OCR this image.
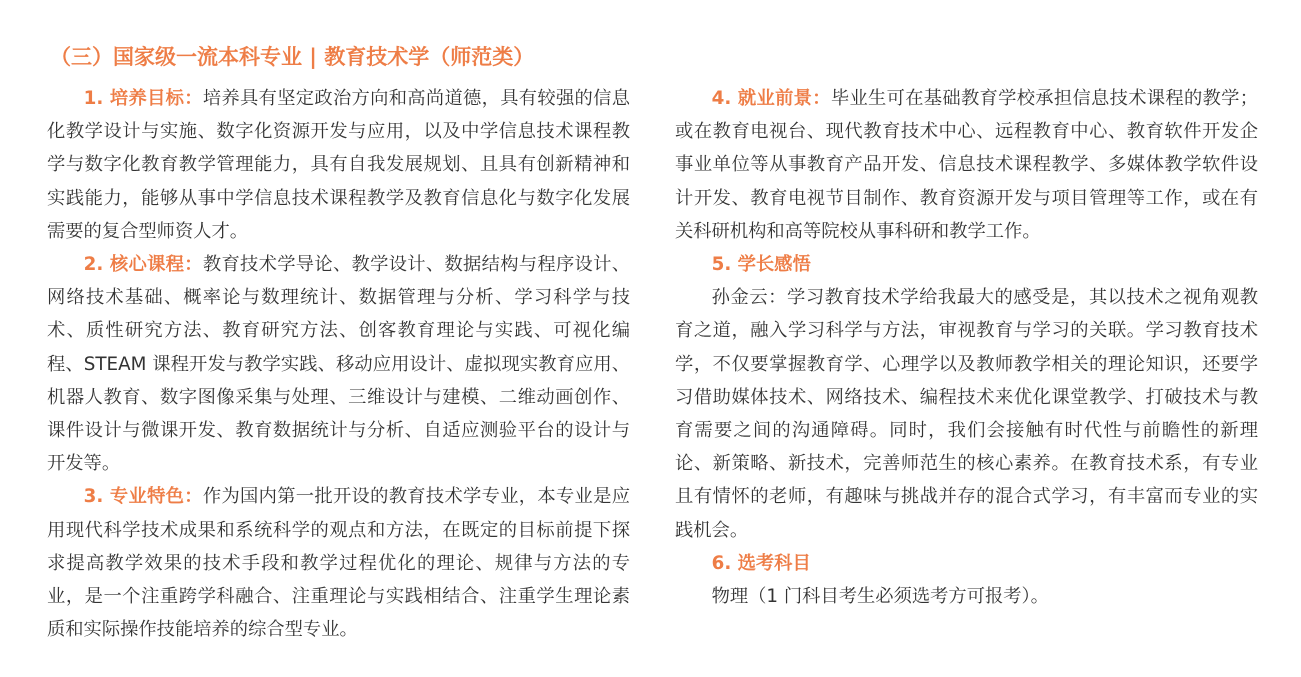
（三）国家级一流本科专业 | 教育技术学（师范类）

1. 培养目标：培养具有坚定政治方向和高尚道德，具有较强的信息化教学设计与实施、数字化资源开发与应用，以及中学信息技术课程教学与数字化教育教学管理能力，具有自我发展规划、且具有创新精神和实践能力，能够从事中学信息技术课程教学及教育信息化与数字化发展需要的复合型师资人才。

2. 核心课程：教育技术学导论、教学设计、数据结构与程序设计、网络技术基础、概率论与数理统计、数据管理与分析、学习科学与技术、质性研究方法、教育研究方法、创客教育理论与实践、可视化编程、STEAM 课程开发与教学实践、移动应用设计、虚拟现实教育应用、机器人教育、数字图像采集与处理、三维设计与建模、二维动画创作、课件设计与微课开发、教育数据统计与分析、自适应测验平台的设计与开发等。

3. 专业特色：作为国内第一批开设的教育技术学专业，本专业是应用现代科学技术成果和系统科学的观点和方法，在既定的目标前提下探求提高教学效果的技术手段和教学过程优化的理论、规律与方法的专业，是一个注重跨学科融合、注重理论与实践相结合、注重学生理论素质和实际操作技能培养的综合型专业。

4. 就业前景：毕业生可在基础教育学校承担信息技术课程的教学；或在教育电视台、现代教育技术中心、远程教育中心、教育软件开发企事业单位等从事教育产品开发、信息技术课程教学、多媒体教学软件设计开发、教育电视节目制作、教育资源开发与项目管理等工作，或在有关科研机构和高等院校从事科研和教学工作。

5. 学长感悟

孙金云：学习教育技术学给我最大的感受是，其以技术之视角观教育之道，融入学习科学与方法，审视教育与学习的关联。学习教育技术学，不仅要掌握教育学、心理学以及教师教学相关的理论知识，还要学习借助媒体技术、网络技术、编程技术来优化课堂教学、打破技术与教育需要之间的沟通障碍。同时，我们会接触有时代性与前瞻性的新理论、新策略、新技术，完善师范生的核心素养。在教育技术系，有专业且有情怀的老师，有趣味与挑战并存的混合式学习，有丰富而专业的实践机会。

6. 选考科目

物理（1 门科目考生必须选考方可报考）。
